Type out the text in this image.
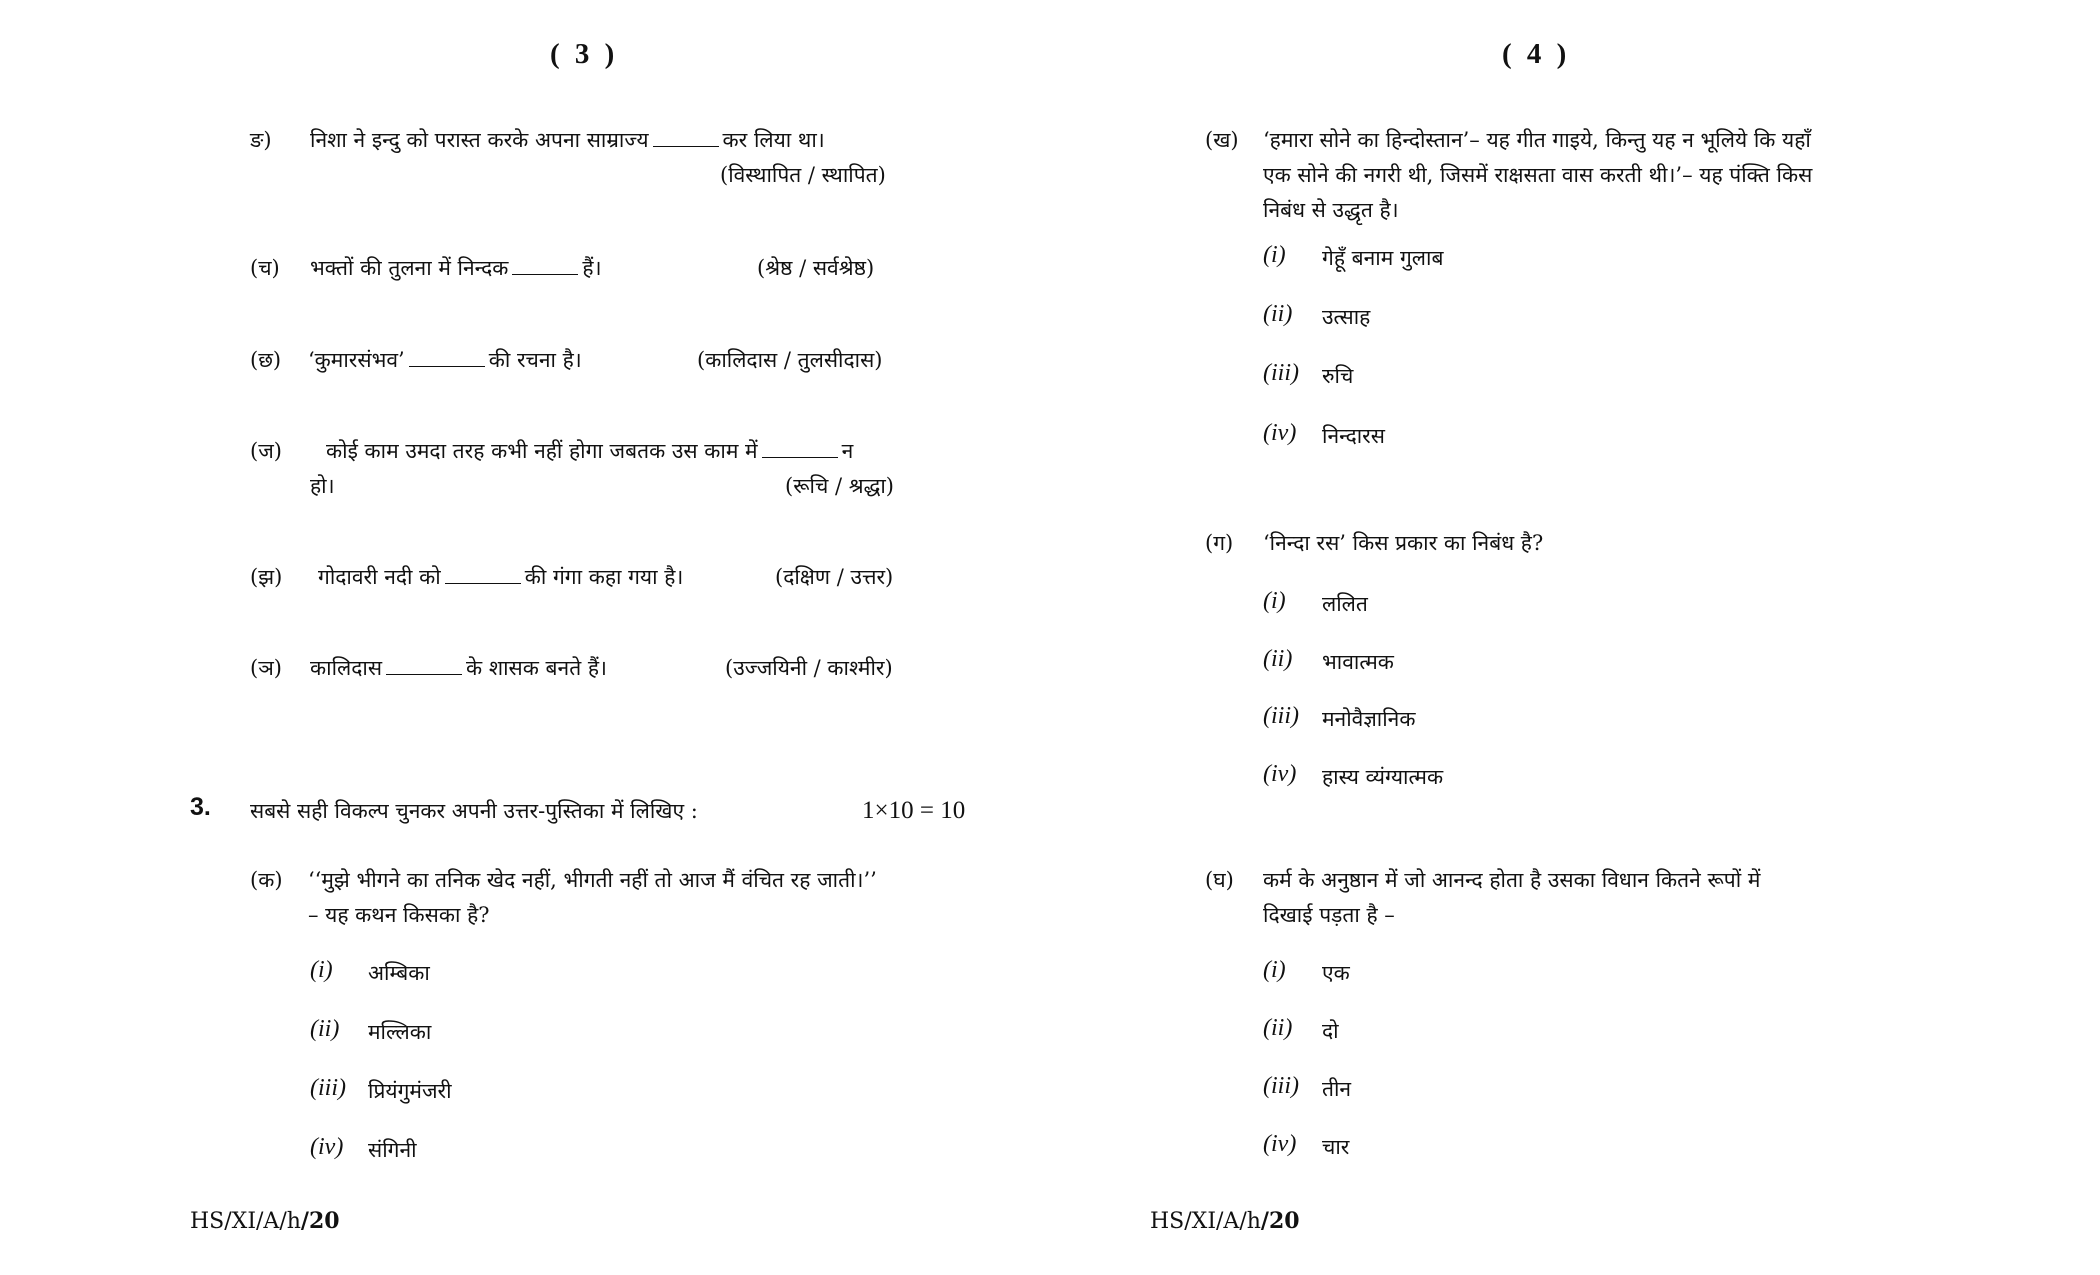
( 3 )
ङ) निशा ने इन्दु को परास्त करके अपना साम्राज्य	कर लिया था।
(विस्थापित / स्थापित)
(च) भक्तों की तुलना में निन्दक	हैं।	(श्रेष्ठ / सर्वश्रेष्ठ)
(छ) ‘कुमारसंभव’	की रचना है।	(कालिदास / तुलसीदास)
(ज) कोई काम उमदा तरह कभी नहीं होगा जबतक उस काम में	न
हो।	(रूचि / श्रद्धा)
(झ) गोदावरी नदी को	की गंगा कहा गया है।	(दक्षिण / उत्तर)
(ञ) कालिदास	के शासक बनते हैं।	(उज्जयिनी / काश्मीर)
3. सबसे सही विकल्प चुनकर अपनी उत्तर-पुस्तिका में लिखिए :	1×10 = 10
(क) ‘‘मुझे भीगने का तनिक खेद नहीं, भीगती नहीं तो आज मैं वंचित रह जाती।’’
– यह कथन किसका है?
(i) अम्बिका
(ii) मल्लिका
(iii) प्रियंगुमंजरी
(iv) संगिनी
HS/XI/A/h/20
( 4 )
(ख) ‘हमारा सोने का हिन्दोस्तान’– यह गीत गाइये, किन्तु यह न भूलिये कि यहाँ
एक सोने की नगरी थी, जिसमें राक्षसता वास करती थी।’– यह पंक्ति किस
निबंध से उद्धृत है।
(i) गेहूँ बनाम गुलाब
(ii) उत्साह
(iii) रुचि
(iv) निन्दारस
(ग) ‘निन्दा रस’ किस प्रकार का निबंध है?
(i) ललित
(ii) भावात्मक
(iii) मनोवैज्ञानिक
(iv) हास्य व्यंग्यात्मक
(घ) कर्म के अनुष्ठान में जो आनन्द होता है उसका विधान कितने रूपों में
दिखाई पड़ता है –
(i) एक
(ii) दो
(iii) तीन
(iv) चार
HS/XI/A/h/20
